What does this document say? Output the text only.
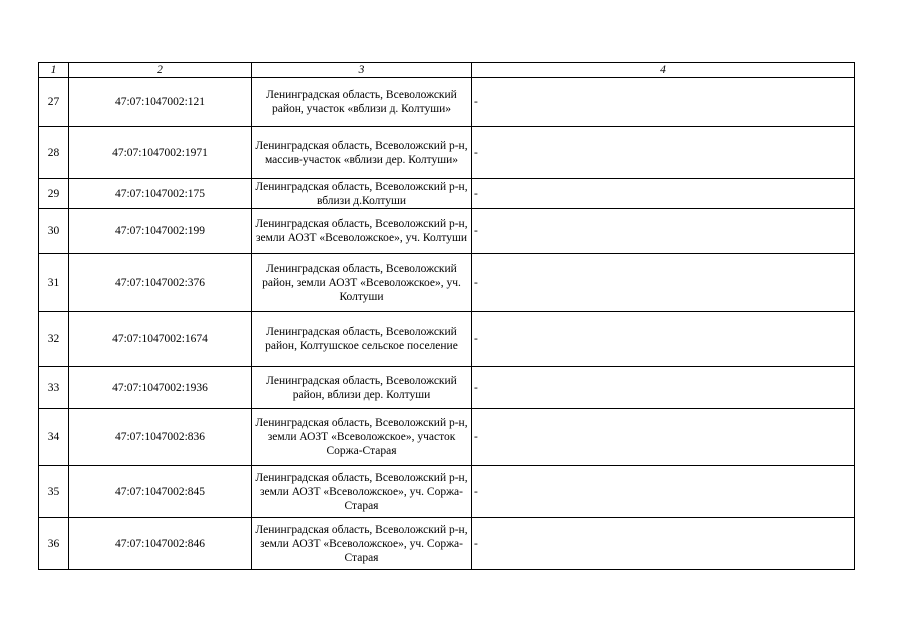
1	2	3	4
27	47:07:1047002:121	Ленинградская область, Всеволожский район, участок «вблизи д. Колтуши»	-
28	47:07:1047002:1971	Ленинградская область, Всеволожский р-н, массив-участок «вблизи дер. Колтуши»	-
29	47:07:1047002:175	Ленинградская область, Всеволожский р-н, вблизи д.Колтуши	-
30	47:07:1047002:199	Ленинградская область, Всеволожский р-н, земли АОЗТ «Всеволожское», уч. Колтуши	-
31	47:07:1047002:376	Ленинградская область, Всеволожский район, земли АОЗТ «Всеволожское», уч. Колтуши	-
32	47:07:1047002:1674	Ленинградская область, Всеволожский район, Колтушское сельское поселение	-
33	47:07:1047002:1936	Ленинградская область, Всеволожский район, вблизи дер. Колтуши	-
34	47:07:1047002:836	Ленинградская область, Всеволожский р-н, земли АОЗТ «Всеволожское», участок Соржа-Старая	-
35	47:07:1047002:845	Ленинградская область, Всеволожский р-н, земли АОЗТ «Всеволожское», уч. Соржа-Старая	-
36	47:07:1047002:846	Ленинградская область, Всеволожский р-н, земли АОЗТ «Всеволожское», уч. Соржа-Старая	-
